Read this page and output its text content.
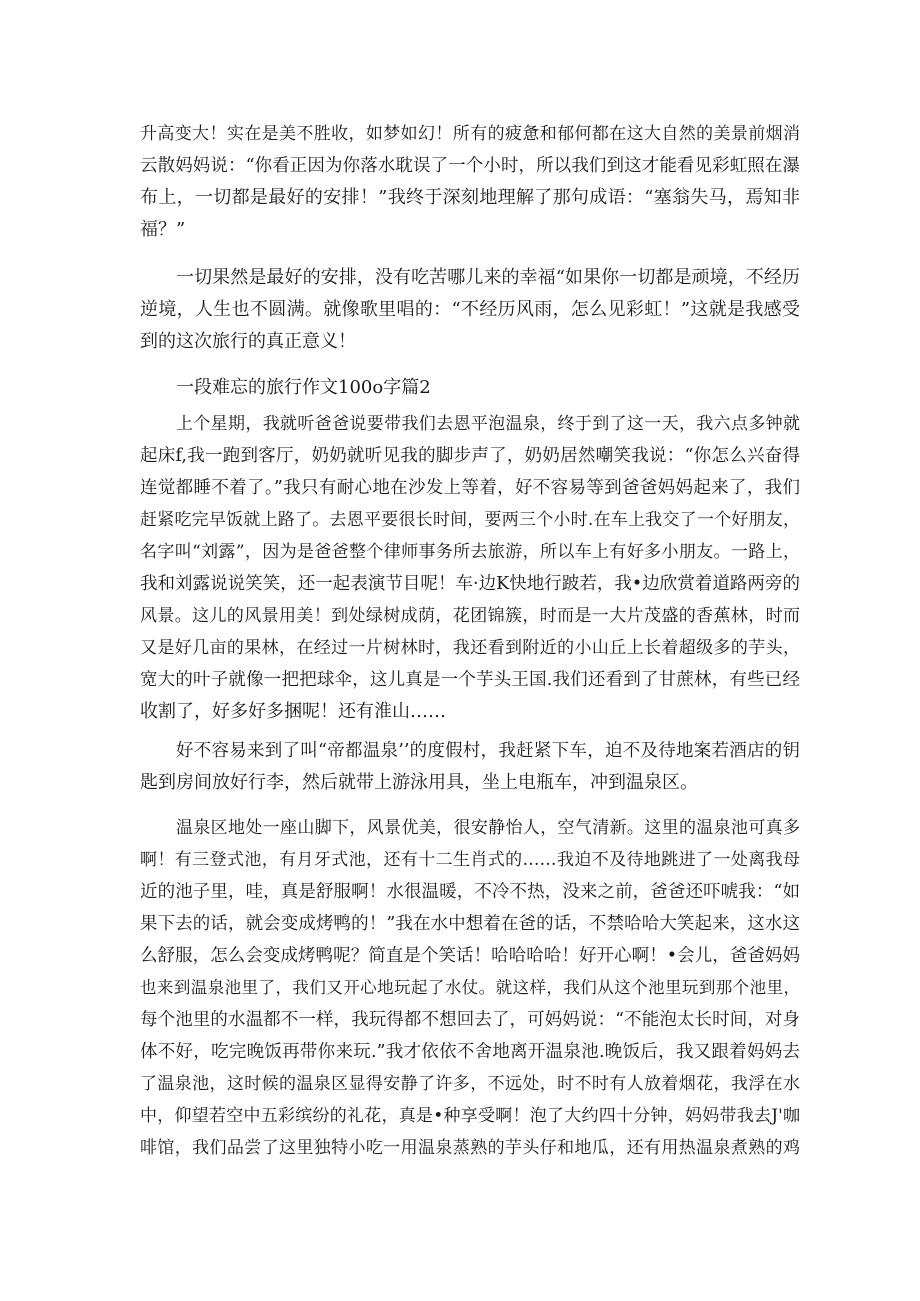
升高变大！实在是美不胜收，如梦如幻！所有的疲惫和郁何都在这大自然的美景前烟消
云散妈妈说：“你看正因为你落水耽误了一个小时，所以我们到这才能看见彩虹照在瀑
布上，一切都是最好的安排！”我终于深刻地理解了那句成语：“塞翁失马，焉知非
福？”
一切果然是最好的安排，没有吃苦哪儿来的幸福“如果你一切都是顽境，不经历
逆境，人生也不圆满。就像歌里唱的：“不经历风雨，怎么见彩虹！”这就是我感受
到的这次旅行的真正意义！
一段难忘的旅行作文100o字篇2
上个星期，我就听爸爸说要带我们去恩平泡温泉，终于到了这一天，我六点多钟就
起床f,我一跑到客厅，奶奶就听见我的脚步声了，奶奶居然嘲笑我说：“你怎么兴奋得
连觉都睡不着了。”我只有耐心地在沙发上等着，好不容易等到爸爸妈妈起来了，我们
赶紧吃完早饭就上路了。去恩平要很长时间，要两三个小时.在车上我交了一个好朋友，
名字叫“刘露”，因为是爸爸整个律师事务所去旅游，所以车上有好多小朋友。一路上，
我和刘露说说笑笑，还一起表演节目呢！车·边K快地行跛若，我•边欣赏着道路两旁的
风景。这儿的风景用美！到处绿树成荫，花团锦簇，时而是一大片茂盛的香蕉林，时而
又是好几亩的果林，在经过一片树林时，我还看到附近的小山丘上长着超级多的芋头，
宽大的叶子就像一把把球伞，这儿真是一个芋头王国.我们还看到了甘蔗林，有些已经
收割了，好多好多捆呢！还有淮山……
好不容易来到了叫“帝都温泉’’的度假村，我赶紧下车，迫不及待地案若酒店的钥
匙到房间放好行李，然后就带上游泳用具，坐上电瓶车，冲到温泉区。
温泉区地处一座山脚下，风景优美，很安静怡人，空气清新。这里的温泉池可真多
啊！有三登式池，有月牙式池，还有十二生肖式的……我迫不及待地跳进了一处离我母
近的池子里，哇，真是舒服啊！水很温暖，不冷不热，没来之前，爸爸还吓唬我：“如
果下去的话，就会变成烤鸭的！”我在水中想着在爸的话，不禁哈哈大笑起来，这水这
么舒服，怎么会变成烤鸭呢？简直是个笑话！哈哈哈哈！好开心啊！•会儿，爸爸妈妈
也来到温泉池里了，我们又开心地玩起了水仗。就这样，我们从这个池里玩到那个池里，
每个池里的水温都不一样，我玩得都不想回去了，可妈妈说：“不能泡太长时间，对身
体不好，吃完晚饭再带你来玩.”我才依依不舍地离开温泉池.晚饭后，我又跟着妈妈去
了温泉池，这时候的温泉区显得安静了许多，不远处，时不时有人放着烟花，我浮在水
中，仰望若空中五彩缤纷的礼花，真是•种享受啊！泡了大约四十分钟，妈妈带我去J'咖
啡馆，我们品尝了这里独特小吃一用温泉蒸熟的芋头仔和地瓜，还有用热温泉煮熟的鸡
